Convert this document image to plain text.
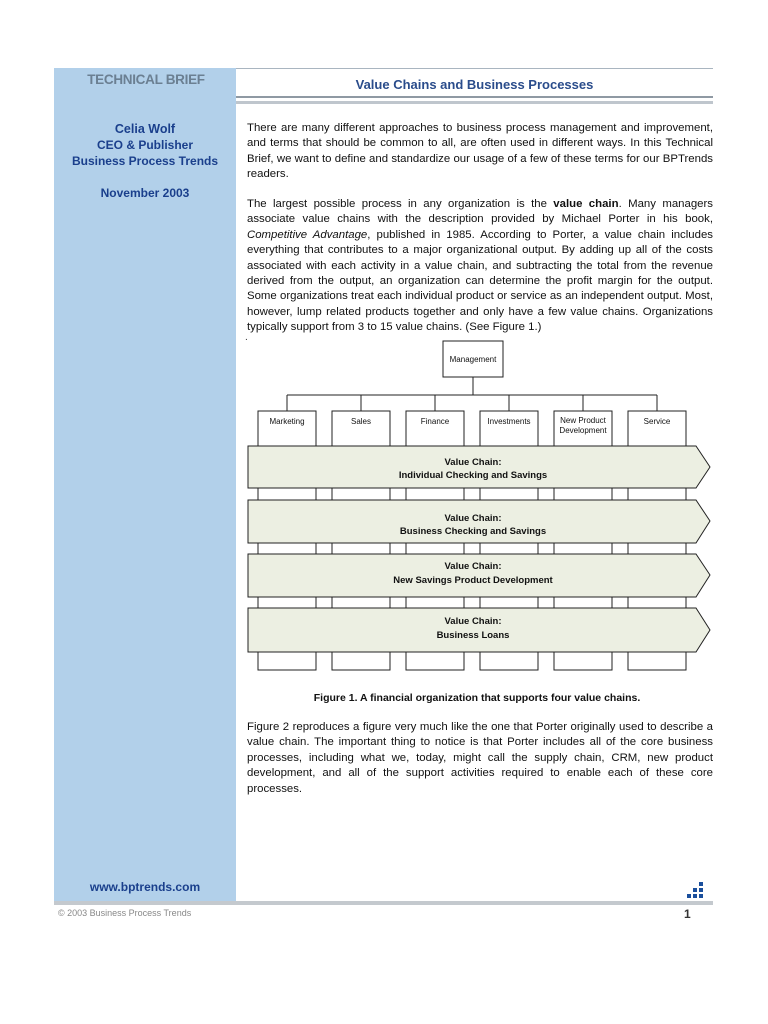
TECHNICAL BRIEF	Value Chains and Business Processes
Celia Wolf
CEO & Publisher
Business Process Trends
November 2003
There are many different approaches to business process management and improvement, and terms that should be common to all, are often used in different ways. In this Technical Brief, we want to define and standardize our usage of a few of these terms for our BPTrends readers.
The largest possible process in any organization is the value chain. Many managers associate value chains with the description provided by Michael Porter in his book, Competitive Advantage, published in 1985. According to Porter, a value chain includes everything that contributes to a major organizational output. By adding up all of the costs associated with each activity in a value chain, and subtracting the total from the revenue derived from the output, an organization can determine the profit margin for the output. Some organizations treat each individual product or service as an independent output. Most, however, lump related products together and only have a few value chains. Organizations typically support from 3 to 15 value chains. (See Figure 1.)
.
Management
Marketing	Sales	Finance	Investments	New Product Development
Service
Value Chain:
Individual Checking and Savings
Value Chain:
Business Checking and Savings
Value Chain:
New Savings Product Development
Value Chain:
Business Loans
Figure 1. A financial organization that supports four value chains.
Figure 2 reproduces a figure very much like the one that Porter originally used to describe a value chain. The important thing to notice is that Porter includes all of the core business processes, including what we, today, might call the supply chain, CRM, new product development, and all of the support activities required to enable each of these core processes.
www.bptrends.com
© 2003 Business Process Trends	1
